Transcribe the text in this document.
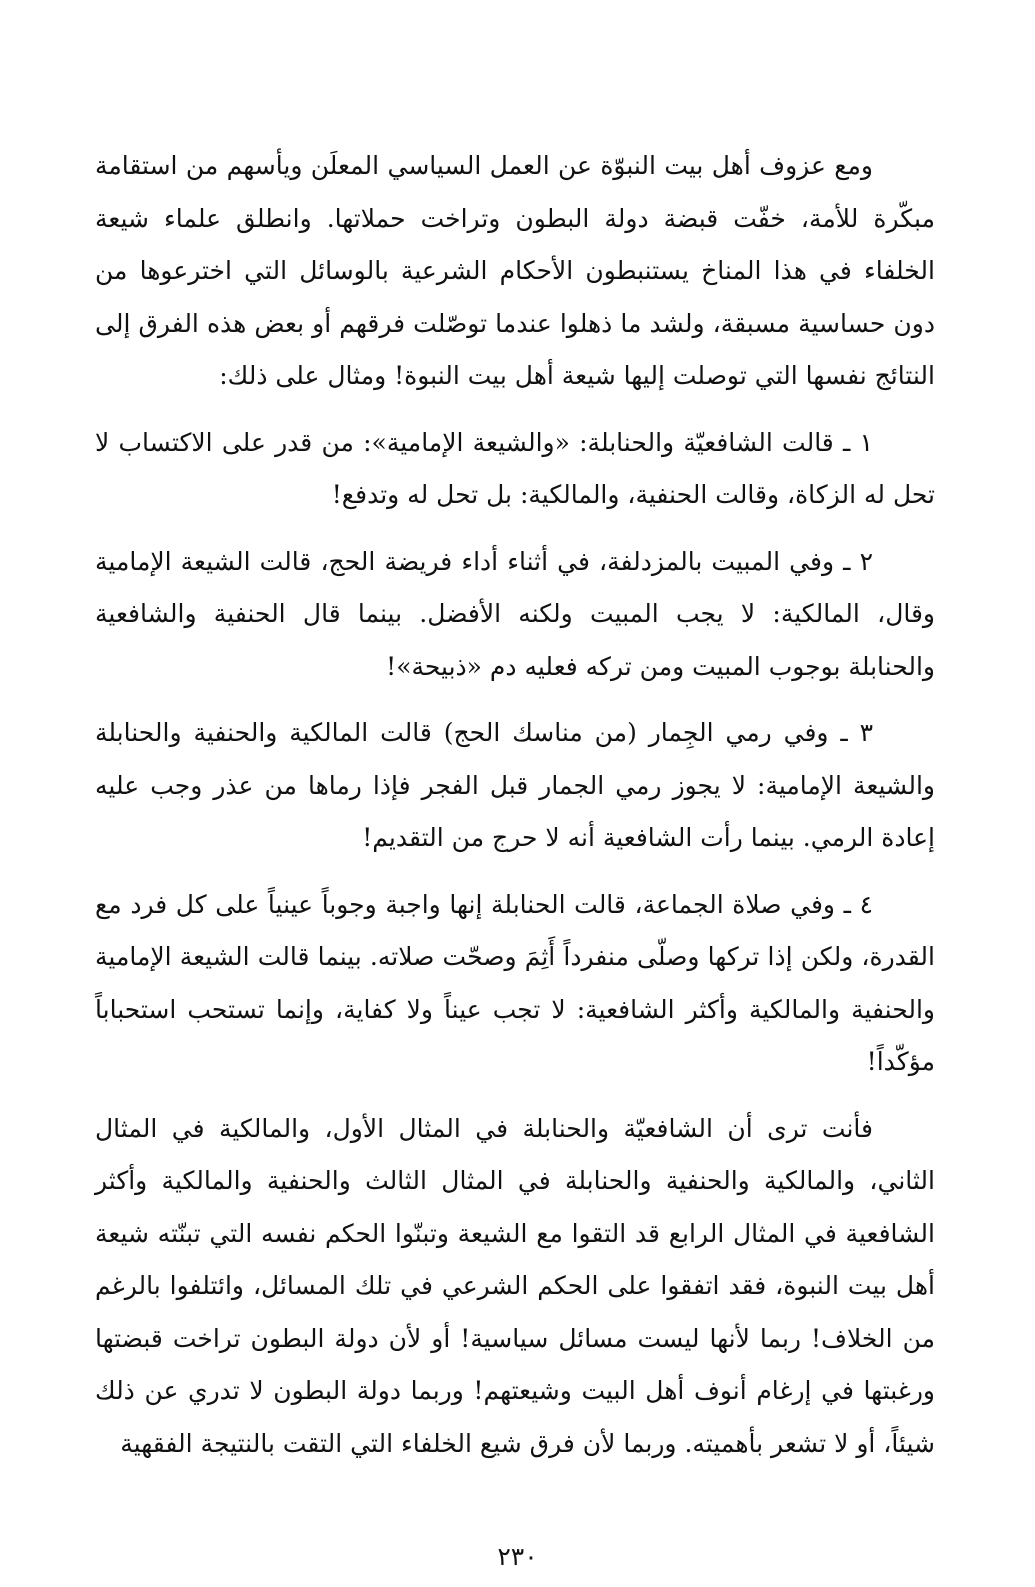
ومع عزوف أهل بيت النبوّة عن العمل السياسي المعلَن ويأسهم من استقامة مبكّرة للأمة، خفّت قبضة دولة البطون وتراخت حملاتها. وانطلق علماء شيعة الخلفاء في هذا المناخ يستنبطون الأحكام الشرعية بالوسائل التي اخترعوها من دون حساسية مسبقة، ولشد ما ذهلوا عندما توصّلت فرقهم أو بعض هذه الفرق إلى النتائج نفسها التي توصلت إليها شيعة أهل بيت النبوة! ومثال على ذلك:

١ ـ قالت الشافعيّة والحنابلة: «والشيعة الإمامية»: من قدر على الاكتساب لا تحل له الزكاة، وقالت الحنفية، والمالكية: بل تحل له وتدفع!

٢ ـ وفي المبيت بالمزدلفة، في أثناء أداء فريضة الحج، قالت الشيعة الإمامية وقال، المالكية: لا يجب المبيت ولكنه الأفضل. بينما قال الحنفية والشافعية والحنابلة بوجوب المبيت ومن تركه فعليه دم «ذبيحة»!

٣ ـ وفي رمي الجِمار (من مناسك الحج) قالت المالكية والحنفية والحنابلة والشيعة الإمامية: لا يجوز رمي الجمار قبل الفجر فإذا رماها من عذر وجب عليه إعادة الرمي. بينما رأت الشافعية أنه لا حرج من التقديم!

٤ ـ وفي صلاة الجماعة، قالت الحنابلة إنها واجبة وجوباً عينياً على كل فرد مع القدرة، ولكن إذا تركها وصلّى منفرداً أَثِمَ وصحّت صلاته. بينما قالت الشيعة الإمامية والحنفية والمالكية وأكثر الشافعية: لا تجب عيناً ولا كفاية، وإنما تستحب استحباباً مؤكّداً!

فأنت ترى أن الشافعيّة والحنابلة في المثال الأول، والمالكية في المثال الثاني، والمالكية والحنفية والحنابلة في المثال الثالث والحنفية والمالكية وأكثر الشافعية في المثال الرابع قد التقوا مع الشيعة وتبنّوا الحكم نفسه التي تبنّته شيعة أهل بيت النبوة، فقد اتفقوا على الحكم الشرعي في تلك المسائل، وائتلفوا بالرغم من الخلاف! ربما لأنها ليست مسائل سياسية! أو لأن دولة البطون تراخت قبضتها ورغبتها في إرغام أنوف أهل البيت وشيعتهم! وربما دولة البطون لا تدري عن ذلك شيئاً، أو لا تشعر بأهميته. وربما لأن فرق شيع الخلفاء التي التقت بالنتيجة الفقهية

٢٣٠
